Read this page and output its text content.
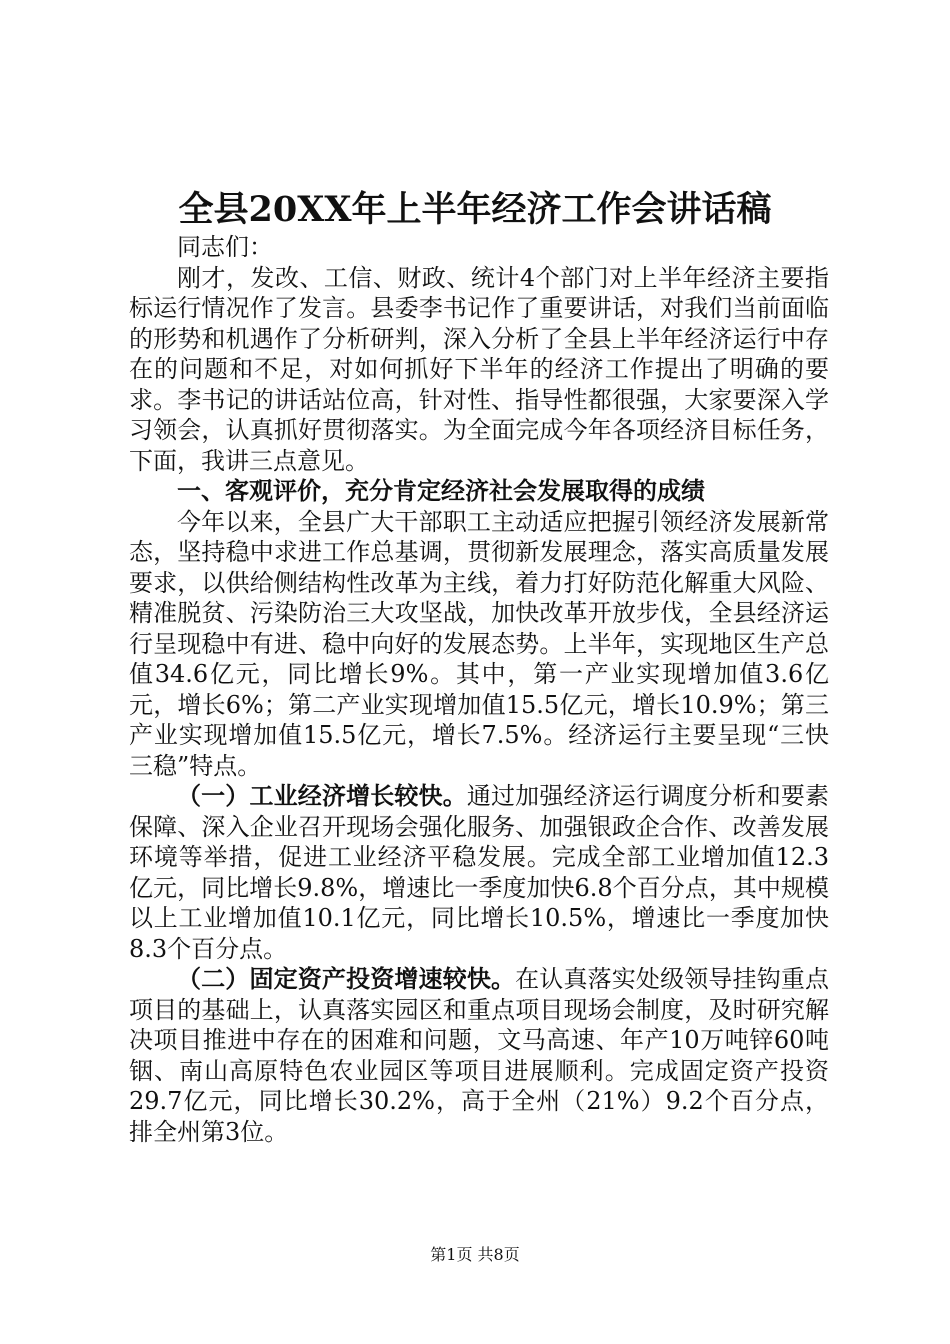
全县20XX年上半年经济工作会讲话稿

同志们：

刚才，发改、工信、财政、统计4个部门对上半年经济主要指标运行情况作了发言。县委李书记作了重要讲话，对我们当前面临的形势和机遇作了分析研判，深入分析了全县上半年经济运行中存在的问题和不足，对如何抓好下半年的经济工作提出了明确的要求。李书记的讲话站位高，针对性、指导性都很强，大家要深入学习领会，认真抓好贯彻落实。为全面完成今年各项经济目标任务，下面，我讲三点意见。

一、客观评价，充分肯定经济社会发展取得的成绩

今年以来，全县广大干部职工主动适应把握引领经济发展新常态，坚持稳中求进工作总基调，贯彻新发展理念，落实高质量发展要求，以供给侧结构性改革为主线，着力打好防范化解重大风险、精准脱贫、污染防治三大攻坚战，加快改革开放步伐，全县经济运行呈现稳中有进、稳中向好的发展态势。上半年，实现地区生产总值34.6亿元，同比增长9%。其中，第一产业实现增加值3.6亿元，增长6%；第二产业实现增加值15.5亿元，增长10.9%；第三产业实现增加值15.5亿元，增长7.5%。经济运行主要呈现“三快三稳”特点。

（一）工业经济增长较快。通过加强经济运行调度分析和要素保障、深入企业召开现场会强化服务、加强银政企合作、改善发展环境等举措，促进工业经济平稳发展。完成全部工业增加值12.3亿元，同比增长9.8%，增速比一季度加快6.8个百分点，其中规模以上工业增加值10.1亿元，同比增长10.5%，增速比一季度加快8.3个百分点。

（二）固定资产投资增速较快。在认真落实处级领导挂钩重点项目的基础上，认真落实园区和重点项目现场会制度，及时研究解决项目推进中存在的困难和问题，文马高速、年产10万吨锌60吨铟、南山高原特色农业园区等项目进展顺利。完成固定资产投资29.7亿元，同比增长30.2%，高于全州（21%）9.2个百分点，排全州第3位。

第1页 共8页
